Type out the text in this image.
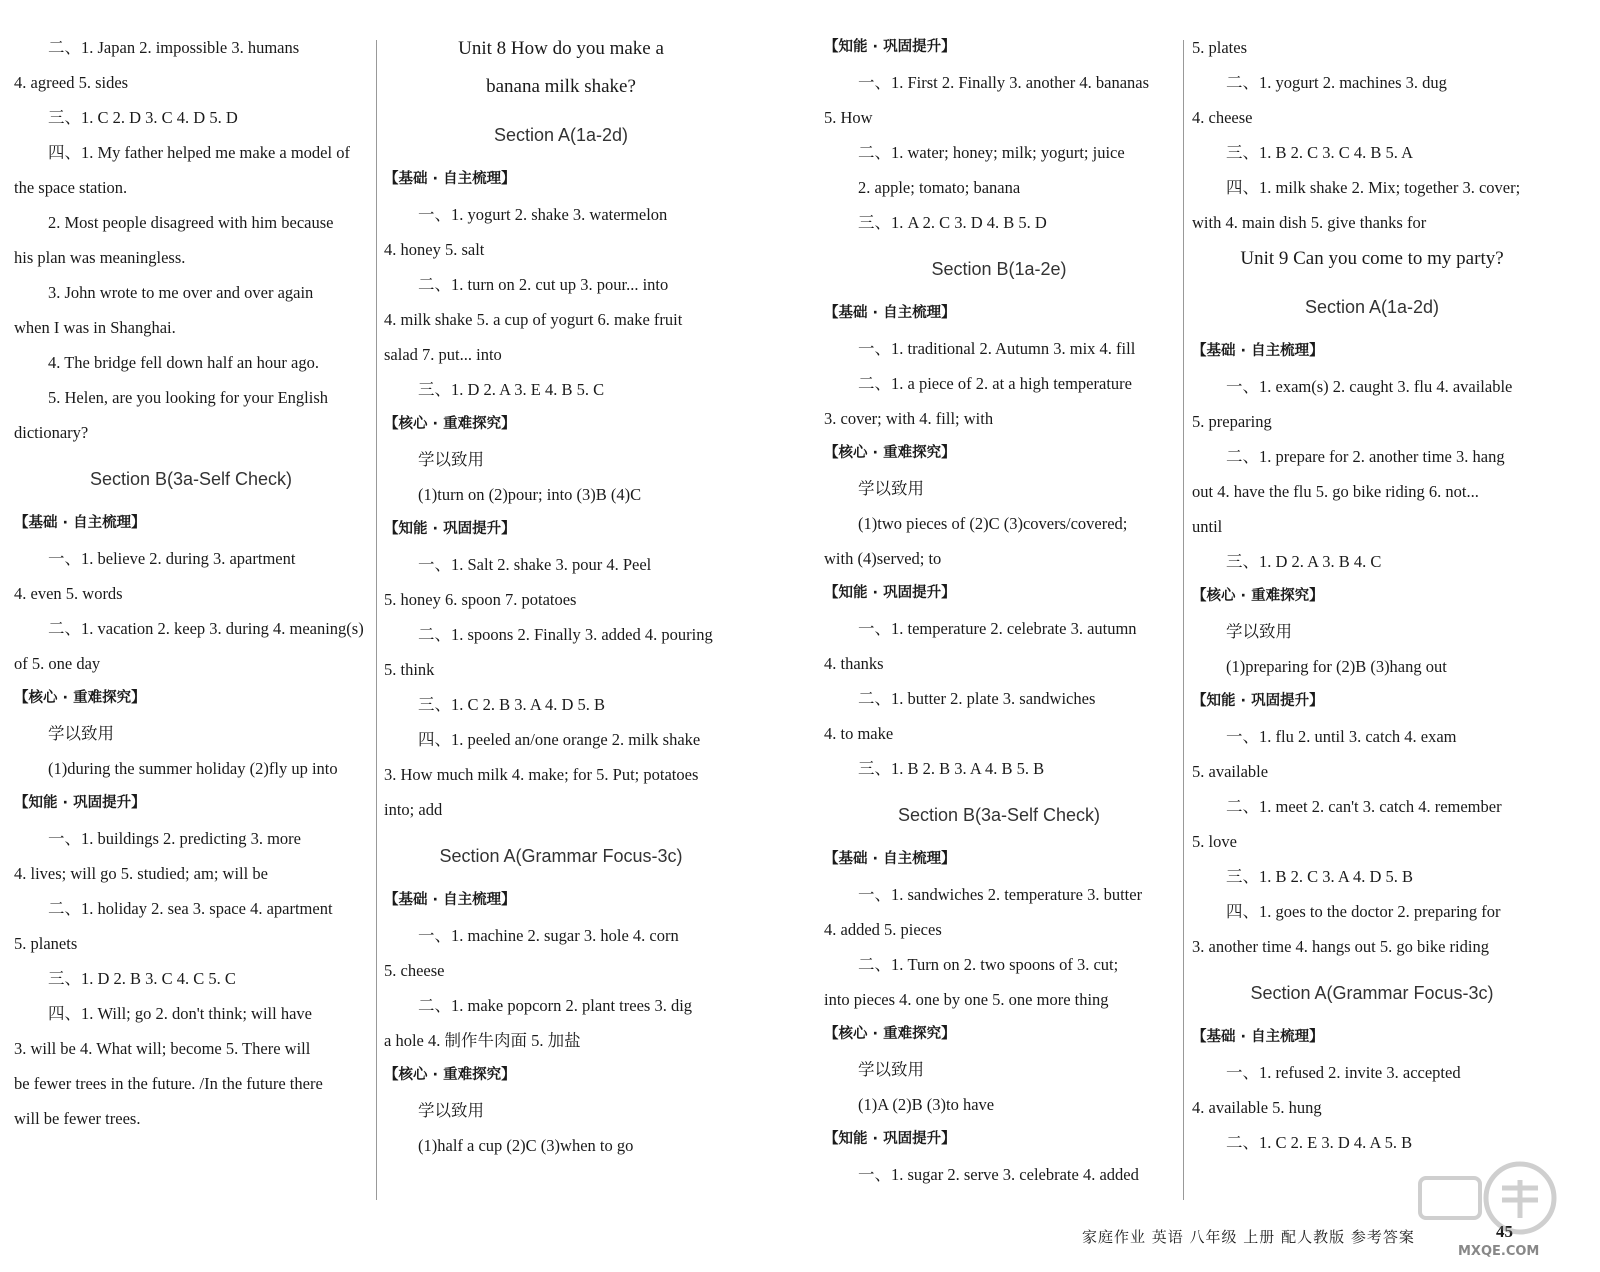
二、1. Japan 2. impossible 3. humans
4. agreed 5. sides
三、1. C 2. D 3. C 4. D 5. D
四、1. My father helped me make a model of
the space station.
2. Most people disagreed with him because
his plan was meaningless.
3. John wrote to me over and over again
when I was in Shanghai.
4. The bridge fell down half an hour ago.
5. Helen, are you looking for your English
dictionary?
Section B(3a-Self Check)
【基础 · 自主梳理】
一、1. believe 2. during 3. apartment
4. even 5. words
二、1. vacation 2. keep 3. during 4. meaning(s)
of 5. one day
【核心 · 重难探究】
学以致用
(1)during the summer holiday (2)fly up into
【知能 · 巩固提升】
一、1. buildings 2. predicting 3. more
4. lives; will go 5. studied; am; will be
二、1. holiday 2. sea 3. space 4. apartment
5. planets
三、1. D 2. B 3. C 4. C 5. C
四、1. Will; go 2. don't think; will have
3. will be 4. What will; become 5. There will
be fewer trees in the future. /In the future there
will be fewer trees.
Unit 8 How do you make a
banana milk shake?
Section A(1a-2d)
【基础 · 自主梳理】
一、1. yogurt 2. shake 3. watermelon
4. honey 5. salt
二、1. turn on 2. cut up 3. pour... into
4. milk shake 5. a cup of yogurt 6. make fruit
salad 7. put... into
三、1. D 2. A 3. E 4. B 5. C
【核心 · 重难探究】
学以致用
(1)turn on (2)pour; into (3)B (4)C
【知能 · 巩固提升】
一、1. Salt 2. shake 3. pour 4. Peel
5. honey 6. spoon 7. potatoes
二、1. spoons 2. Finally 3. added 4. pouring
5. think
三、1. C 2. B 3. A 4. D 5. B
四、1. peeled an/one orange 2. milk shake
3. How much milk 4. make; for 5. Put; potatoes
into; add
Section A(Grammar Focus-3c)
【基础 · 自主梳理】
一、1. machine 2. sugar 3. hole 4. corn
5. cheese
二、1. make popcorn 2. plant trees 3. dig
a hole 4. 制作牛肉面 5. 加盐
【核心 · 重难探究】
学以致用
(1)half a cup (2)C (3)when to go
【知能 · 巩固提升】
一、1. First 2. Finally 3. another 4. bananas
5. How
二、1. water; honey; milk; yogurt; juice
2. apple; tomato; banana
三、1. A 2. C 3. D 4. B 5. D
Section B(1a-2e)
【基础 · 自主梳理】
一、1. traditional 2. Autumn 3. mix 4. fill
二、1. a piece of 2. at a high temperature
3. cover; with 4. fill; with
【核心 · 重难探究】
学以致用
(1)two pieces of (2)C (3)covers/covered;
with (4)served; to
【知能 · 巩固提升】
一、1. temperature 2. celebrate 3. autumn
4. thanks
二、1. butter 2. plate 3. sandwiches
4. to make
三、1. B 2. B 3. A 4. B 5. B
Section B(3a-Self Check)
【基础 · 自主梳理】
一、1. sandwiches 2. temperature 3. butter
4. added 5. pieces
二、1. Turn on 2. two spoons of 3. cut;
into pieces 4. one by one 5. one more thing
【核心 · 重难探究】
学以致用
(1)A (2)B (3)to have
【知能 · 巩固提升】
一、1. sugar 2. serve 3. celebrate 4. added
5. plates
二、1. yogurt 2. machines 3. dug
4. cheese
三、1. B 2. C 3. C 4. B 5. A
四、1. milk shake 2. Mix; together 3. cover;
with 4. main dish 5. give thanks for
Unit 9 Can you come to my party?
Section A(1a-2d)
【基础 · 自主梳理】
一、1. exam(s) 2. caught 3. flu 4. available
5. preparing
二、1. prepare for 2. another time 3. hang
out 4. have the flu 5. go bike riding 6. not...
until
三、1. D 2. A 3. B 4. C
【核心 · 重难探究】
学以致用
(1)preparing for (2)B (3)hang out
【知能 · 巩固提升】
一、1. flu 2. until 3. catch 4. exam
5. available
二、1. meet 2. can't 3. catch 4. remember
5. love
三、1. B 2. C 3. A 4. D 5. B
四、1. goes to the doctor 2. preparing for
3. another time 4. hangs out 5. go bike riding
Section A(Grammar Focus-3c)
【基础 · 自主梳理】
一、1. refused 2. invite 3. accepted
4. available 5. hung
二、1. C 2. E 3. D 4. A 5. B
家庭作业 英语 八年级 上册 配人教版 参考答案	45
MXQE.COM
